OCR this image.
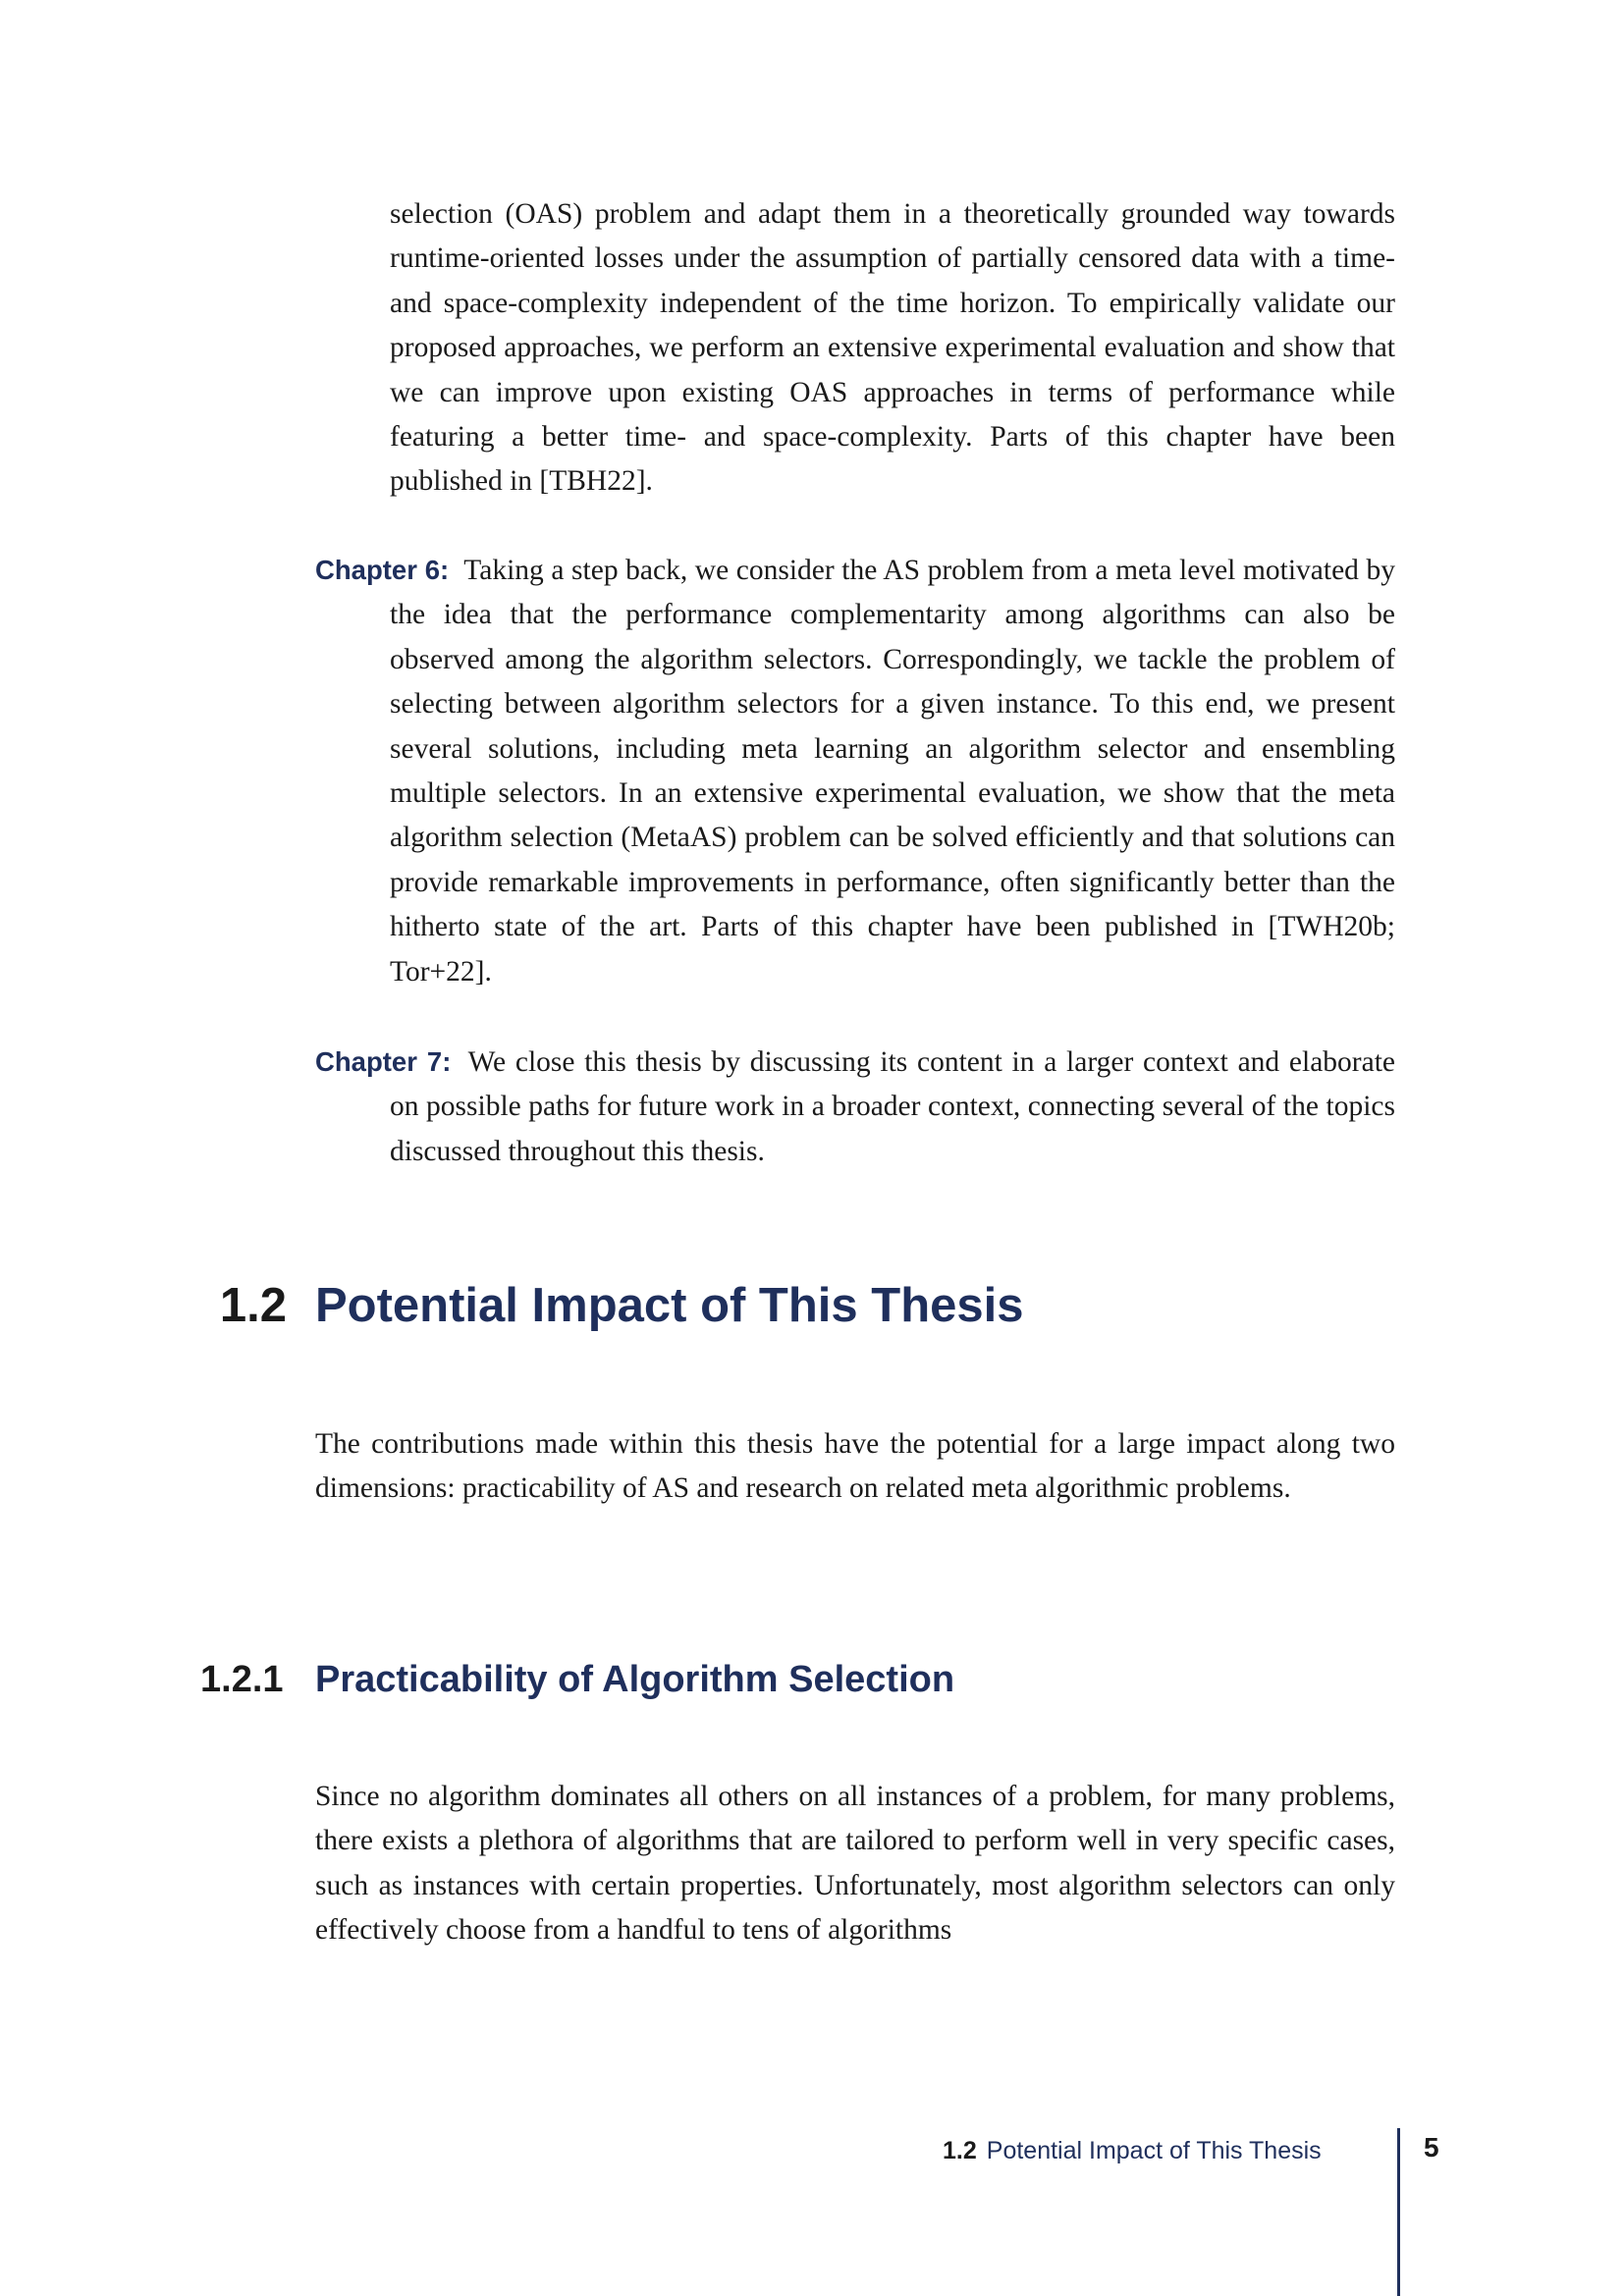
selection (OAS) problem and adapt them in a theoretically grounded way towards runtime-oriented losses under the assumption of partially censored data with a time- and space-complexity independent of the time horizon. To empirically validate our proposed approaches, we perform an extensive experimental evaluation and show that we can improve upon existing OAS approaches in terms of performance while featuring a better time- and space-complexity. Parts of this chapter have been published in [TBH22].

Chapter 6: Taking a step back, we consider the AS problem from a meta level motivated by the idea that the performance complementarity among algorithms can also be observed among the algorithm selectors. Correspondingly, we tackle the problem of selecting between algorithm selectors for a given instance. To this end, we present several solutions, including meta learning an algorithm selector and ensembling multiple selectors. In an extensive experimental evaluation, we show that the meta algorithm selection (MetaAS) problem can be solved efficiently and that solutions can provide remarkable improvements in performance, often significantly better than the hitherto state of the art. Parts of this chapter have been published in [TWH20b; Tor+22].

Chapter 7: We close this thesis by discussing its content in a larger context and elaborate on possible paths for future work in a broader context, connecting several of the topics discussed throughout this thesis.

1.2 Potential Impact of This Thesis

The contributions made within this thesis have the potential for a large impact along two dimensions: practicability of AS and research on related meta algorithmic problems.

1.2.1 Practicability of Algorithm Selection

Since no algorithm dominates all others on all instances of a problem, for many problems, there exists a plethora of algorithms that are tailored to perform well in very specific cases, such as instances with certain properties. Unfortunately, most algorithm selectors can only effectively choose from a handful to tens of algorithms

1.2 Potential Impact of This Thesis	5
